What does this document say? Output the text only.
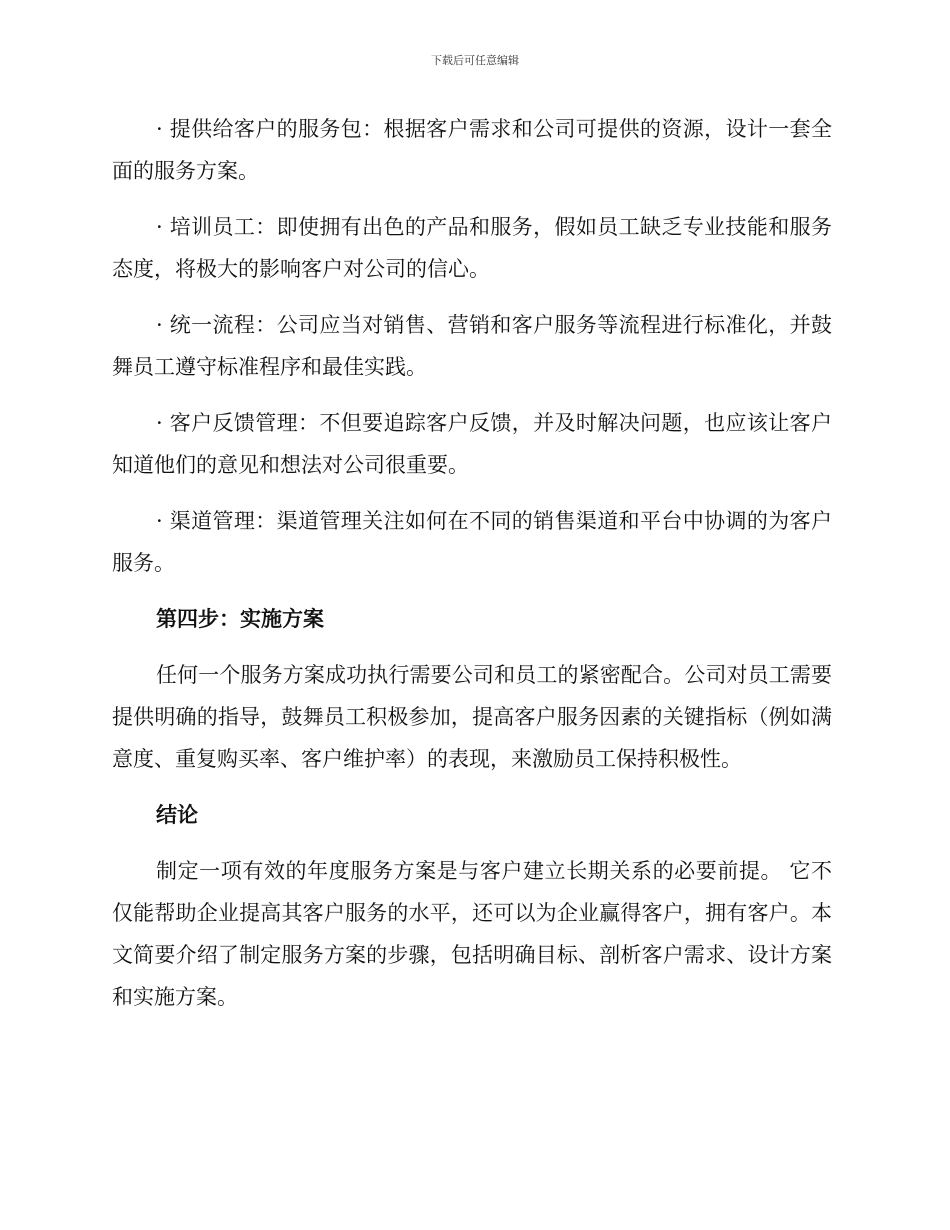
下载后可任意编辑

· 提供给客户的服务包：根据客户需求和公司可提供的资源，设计一套全面的服务方案。

· 培训员工：即使拥有出色的产品和服务，假如员工缺乏专业技能和服务态度，将极大的影响客户对公司的信心。

· 统一流程：公司应当对销售、营销和客户服务等流程进行标准化，并鼓舞员工遵守标准程序和最佳实践。

· 客户反馈管理：不但要追踪客户反馈，并及时解决问题，也应该让客户知道他们的意见和想法对公司很重要。

· 渠道管理：渠道管理关注如何在不同的销售渠道和平台中协调的为客户服务。

第四步：实施方案

任何一个服务方案成功执行需要公司和员工的紧密配合。公司对员工需要提供明确的指导，鼓舞员工积极参加，提高客户服务因素的关键指标（例如满意度、重复购买率、客户维护率）的表现，来激励员工保持积极性。

结论

制定一项有效的年度服务方案是与客户建立长期关系的必要前提。 它不仅能帮助企业提高其客户服务的水平，还可以为企业赢得客户，拥有客户。本文简要介绍了制定服务方案的步骤，包括明确目标、剖析客户需求、设计方案和实施方案。
